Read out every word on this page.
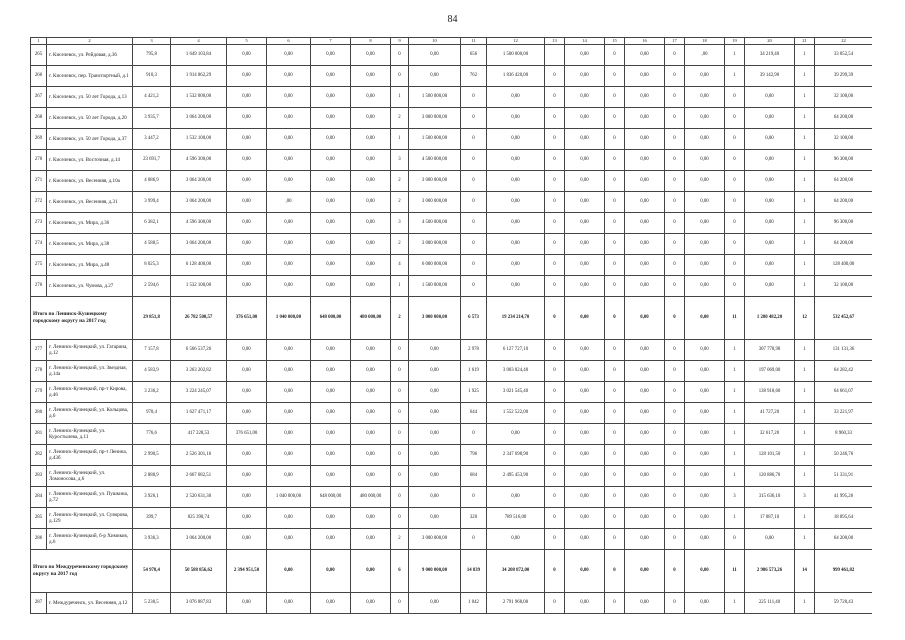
84
1	2	3	4	5	6	7	8	9	10	11	12	13	14	15	16	17	18	19	20	21	22
265	г. Киселевск, ул. Рейдовая, д.36	795,8	1 649 103,84	0,00	0,00	0,00	0,00	0	0,00	656	1 500 000,00		0,00	0	0,00	0	,00	1	34 219,40	1	33 852,54
266	г. Киселевск, пер. Транспортный, д.1	910,3	1 914 862,29	0,00	0,00	0,00	0,00	0	0,00	762	1 836 420,00	0	0,00	0	0,00	0	0,00	1	39 142,90	1	39 299,39
267	г. Киселевск, ул. 50 лет Города, д.13	4 421,2	1 532 000,00	0,00	0,00	0,00	0,00	1	1 500 000,00	0	0,00	0	0,00	0	0,00	0	0,00	0	0,00	1	32 100,00
268	г. Киселевск, ул. 50 лет Города, д.20	3 935,7	3 064 200,00	0,00	0,00	0,00	0,00	2	3 000 000,00	0	0,00	0	0,00	0	0,00	0	0,00	0	0,00	1	64 200,00
269	г. Киселевск, ул. 50 лет Города, д.37	3 447,2	1 532 100,00	0,00	0,00	0,00	0,00	1	1 500 000,00	0	0,00	0	0,00	0	0,00	0	0,00	0	0,00	1	32 100,00
270	г. Киселевск, ул. Восточная, д.14	23 691,7	4 596 300,00	0,00	0,00	0,00	0,00	3	4 500 000,00	0	0,00	0	0,00	0	0,00	0	0,00	0	0,00	1	96 300,00
271	г. Киселевск, ул. Весенняя, д.10а	4 086,9	3 064 200,00	0,00	0,00	0,00	0,00	2	3 000 000,00	0	0,00	0	0,00	0	0,00	0	0,00	0	0,00	1	64 200,00
272	г. Киселевск, ул. Весенняя, д.31	3 999,4	3 064 200,00	0,00	,00	0,00	0,00	2	3 000 000,00	0	0,00	0	0,00	0	0,00	0	0,00	0	0,00	1	64 200,00
273	г. Киселевск, ул. Мира, д.36	6 382,1	4 596 300,00	0,00	0,00	0,00	0,00	3	4 500 000,00	0	0,00	0	0,00	0	0,00	0	0,00	0	0,00	1	96 300,00
274	г. Киселевск, ул. Мира, д.38	4 588,5	3 064 200,00	0,00	0,00	0,00	0,00	2	3 000 000,00	0	0,00	0	0,00	0	0,00	0	0,00	0	0,00	1	64 200,00
275	г. Киселевск, ул. Мира, д.48	8 025,3	6 128 400,00	0,00	0,00	0,00	0,00	4	6 000 000,00	0	0,00	0	0,00	0	0,00	0	0,00	0	0,00	1	128 400,00
276	г. Киселевск, ул. Чумова, д.27	2 594,6	1 532 100,00	0,00	0,00	0,00	0,00	1	1 500 000,00	0	0,00	0	0,00	0	0,00	0	0,00	0	0,00	1	32 100,00
Итого по Ленинск-Кузнецкому городскому округу на 2017 год		29 851,8	26 782 500,57	376 651,00	1 040 000,00	648 000,00	480 000,00	2	3 000 000,00	6 573	19 234 214,70	0	0,00	0	0,00	0	0,00	11	1 280 482,20	12	532 452,67
277	г. Ленинск-Кузнецкий, ул. Гагарина, д.12	7 157,8	6 566 537,26	0,00	0,00	0,00	0,00	0	0,00	2 978	6 127 727,10	0	0,00	0	0,00	0	0,00	1	307 778,98	1	131 131,36
278	г. Ленинск-Кузнецкий, ул. Звездная, д.14а	4 583,9	3 263 202,82	0,00	0,00	0,00	0,00	0	0,00	1 619	3 003 824,40	0	0,00	0	0,00	0	0,00	1	197 069,00	1	64 282,42
279	г. Ленинск-Кузнецкий, пр-т Кирова, д.46	3 236,2	3 224 245,07	0,00	0,00	0,00	0,00	0	0,00	1 925	3 021 545,40	0	0,00	0	0,00	0	0,00	1	138 918,60	1	64 661,07
280	г. Ленинск-Кузнецкий, ул. Кольцова, д.6	970,4	1 627 471,17	0,00	0,00	0,00	0,00	0	0,00	644	1 552 522,00	0	0,00	0	0,00	0	0,00	1	41 727,20	1	33 221,97
281	г. Ленинск-Кузнецкий, ул. Куростылева, д.11	776,6	417 228,53	376 651,00	0,00	0,00	0,00	0	0,00	0	0,00	0	0,00	0	0,00	0	0,00	1	32 617,20	1	8 960,33
282	г. Ленинск-Кузнецкий, пр-т Ленина, д.43б	2 990,5	2 526 301,16	0,00	0,00	0,00	0,00	0	0,00	796	2 347 698,90	0	0,00	0	0,00	0	0,00	1	128 101,50	1	50 246,76
283	г. Ленинск-Кузнецкий, ул. Ломоносова, д.6	2 880,9	2 667 682,51	0,00	0,00	0,00	0,00	0	0,00	684	2 495 453,90	0	0,00	0	0,00	0	0,00	1	120 886,70	1	51 331,91
284	г. Ленинск-Кузнецкий, ул. Пушкина, д.72	3 926,1	2 520 631,30	0,00	1 040 000,00	648 000,00	480 000,00	0	0,00	0	0,00	0	0,00	0	0,00	0	0,00	3	315 636,10	3	41 995,26
285	г. Ленинск-Кузнецкий, ул. Суворова, д.129	399,7	825 390,74	0,00	0,00	0,00	0,00	0	0,00	320	789 516,00	0	0,00	0	0,00	0	0,00	1	17 087,10	1	18 895,64
286	г. Ленинск-Кузнецкий, б-р Химиков, д.6	3 936,3	3 064 200,00	0,00	0,00	0,00	0,00	2	3 000 000,00	0	0,00	0	0,00	0	0,00	0	0,00	0	0,00	1	64 200,00
Итого по Междуреченскому городскому округу на 2017 год		54 978,4	50 588 856,62	2 394 951,50	0,00	0,00	0,00	6	9 000 000,00	14 839	34 208 872,00	0	0,00	0	0,00	0	0,00	11	2 986 573,26	14	999 461,82
287	г. Междуреченск, ул. Весенняя, д.12	5 230,5	3 076 887,83	0,00	0,00	0,00	0,00	0	0,00	1 042	2 791 968,00	0	0,00	0	0,00	0	0,00	1	225 111,40	1	59 728,43
